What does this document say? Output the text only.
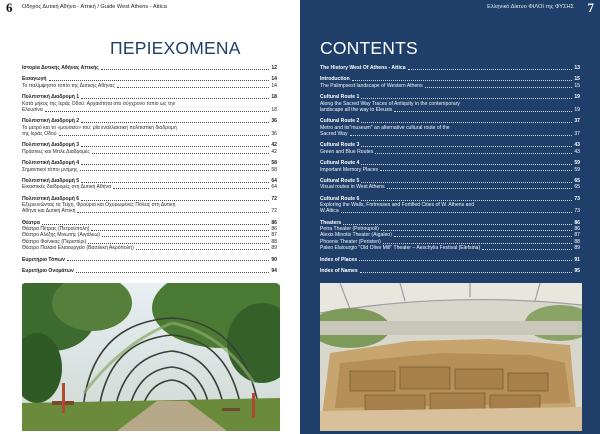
6 Οδηγός Δυτική Αθήνα - Αττική / Guide West Athens - Attica
ΠΕΡΙΕΧΟΜΕΝΑ
Ιστορία Δυτικής Αθήνας Αττικής	12
Εισαγωγή	14
Το παλίμψηστο τοπίο της Δυτικής Αθήνας	14
Πολιτιστική Διαδρομή 1	18
Κατά μήκος της Ιεράς Οδού: Αρχαιότητα στο σύγχρονο τοπίο ως την
Ελευσίνα	18
Πολιτιστική Διαδρομή 2	36
Το μετρό και το «μουσείο» του: μία εναλλακτική πολιτιστική διαδρομή
της Ιεράς Οδού	36
Πολιτιστική Διαδρομή 3	42
Πράσινες και Μπλε Διαδρομές	42
Πολιτιστική Διαδρομή 4	58
Σημαντικοί τόποι μνήμης	58
Πολιτιστική Διαδρομή 5	64
Εικαστικές διαδρομές στη Δυτική Αθήνα	64
Πολιτιστική Διαδρομή 6	72
Εξερευνώντας τα Τείχη, Φρούρια και Οχυρωμένες Πόλεις στη Δυτική
Αθήνα και Δυτική Αττική	72
Θέατρα	86
Θέατρο Πέτρας (Πετρούπολη)	86
Θέατρο Αλέξης Μινωτής (Αιγάλεω)	87
Θέατρο Φοίνικας (Περιστέρι)	88
Θέατρο Παλαιό Ελαιουργείο (Βασιλική Ακρόπολη)	89
Ευρετήριο Τόπων	90
Ευρετήριο Ονομάτων	94
7
Ελληνικό Δίκτυο ΦΙΛΟΙ της ΦΥΣΗΣ
CONTENTS
The History West Of Athens - Attica	13
Introduction	15
The Palimpsest landscape of Western Athens	15
Cultural Route 1	19
Along the Sacred Way Traces of Antiquity in the contemporary
landscape all the way to Eleusis	19
Cultural Route 2	37
Metro and its"museum" an alternative cultural route of the
Sacred Way	37
Cultural Route 3	43
Green and Blue Routes	43
Cultural Route 4	59
Important Memory Places	59
Cultural Route 5	65
Visual routes in West Athens	65
Cultural Route 6	73
Exploring the Walls, Fortresses and Fortified Cities of W. Athens and
W.Attica	73
Theaters	86
Petra Theater (Petroupoli)	86
Alexis Minotis Theater (Aigaleo)	87
Phoenix Theater (Peristeri)	88
Paleo Elaiourgio "Old Olive Mill" Theater – Aeschylia Festival (Elefsina)	89
Index of Places	91
Index of Names	95
